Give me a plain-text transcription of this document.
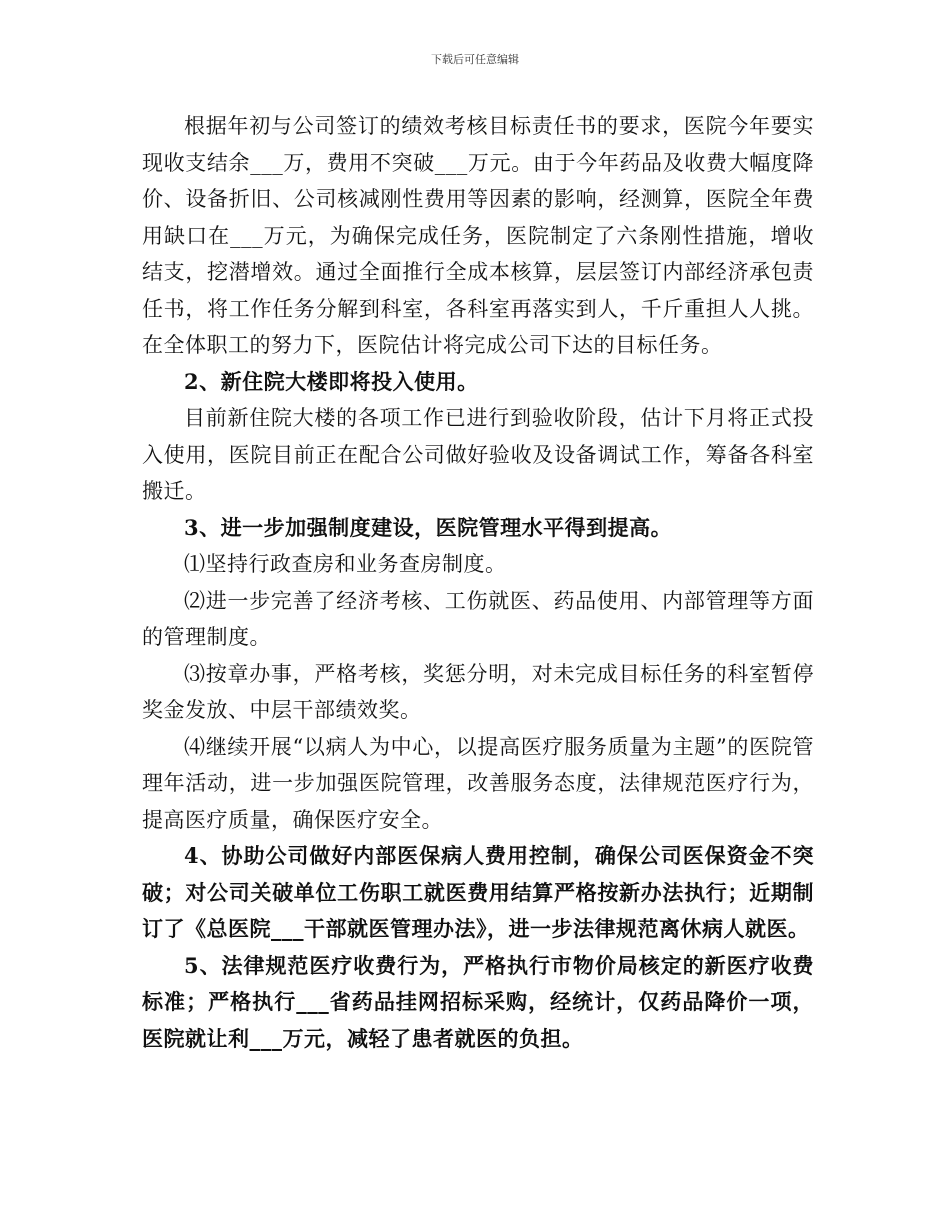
下载后可任意编辑

根据年初与公司签订的绩效考核目标责任书的要求，医院今年要实现收支结余___万，费用不突破___万元。由于今年药品及收费大幅度降价、设备折旧、公司核减刚性费用等因素的影响，经测算，医院全年费用缺口在___万元，为确保完成任务，医院制定了六条刚性措施，增收结支，挖潜增效。通过全面推行全成本核算，层层签订内部经济承包责任书，将工作任务分解到科室，各科室再落实到人，千斤重担人人挑。在全体职工的努力下，医院估计将完成公司下达的目标任务。

2、新住院大楼即将投入使用。

目前新住院大楼的各项工作已进行到验收阶段，估计下月将正式投入使用，医院目前正在配合公司做好验收及设备调试工作，筹备各科室搬迁。

3、进一步加强制度建设，医院管理水平得到提高。

⑴坚持行政查房和业务查房制度。

⑵进一步完善了经济考核、工伤就医、药品使用、内部管理等方面的管理制度。

⑶按章办事，严格考核，奖惩分明，对未完成目标任务的科室暂停奖金发放、中层干部绩效奖。

⑷继续开展“以病人为中心，以提高医疗服务质量为主题”的医院管理年活动，进一步加强医院管理，改善服务态度，法律规范医疗行为，提高医疗质量，确保医疗安全。

4、协助公司做好内部医保病人费用控制，确保公司医保资金不突破；对公司关破单位工伤职工就医费用结算严格按新办法执行；近期制订了《总医院___干部就医管理办法》，进一步法律规范离休病人就医。

5、法律规范医疗收费行为，严格执行市物价局核定的新医疗收费标准；严格执行___省药品挂网招标采购，经统计，仅药品降价一项，医院就让利___万元，减轻了患者就医的负担。
